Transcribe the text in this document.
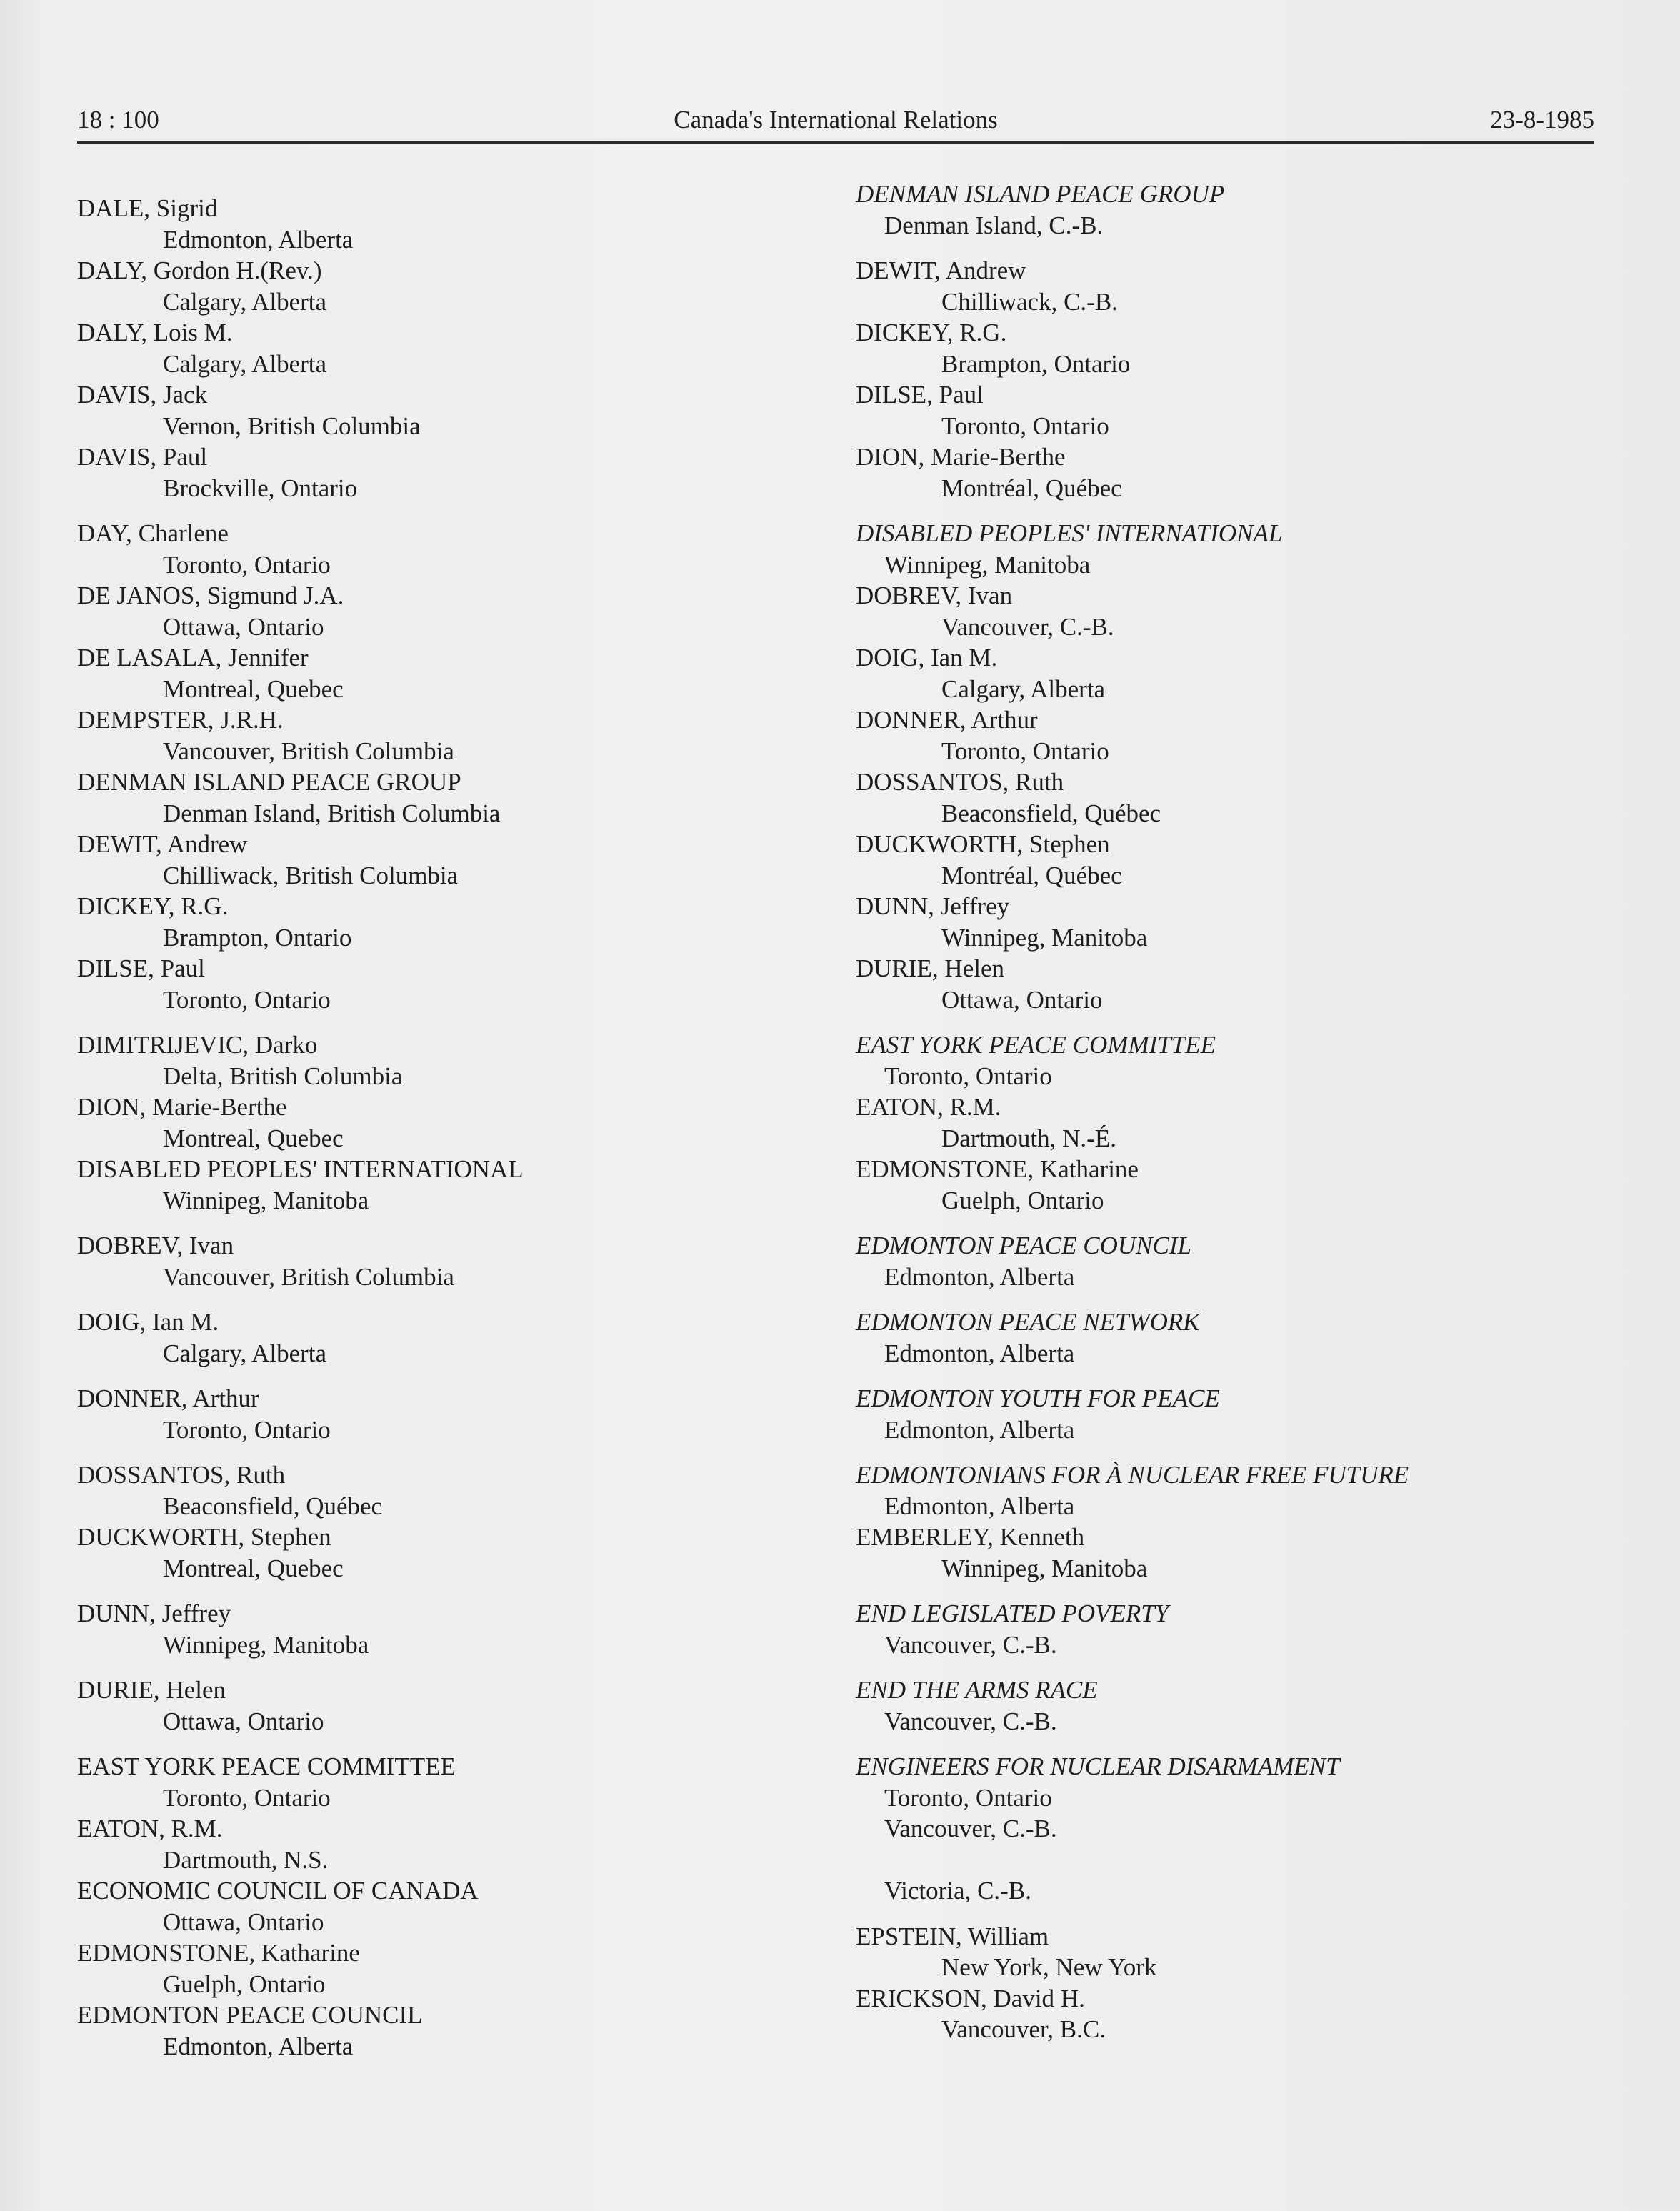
18 : 100	Canada's International Relations	23-8-1985
DALE, Sigrid
Edmonton, Alberta
DALY, Gordon H.(Rev.)
Calgary, Alberta
DALY, Lois M.
Calgary, Alberta
DAVIS, Jack
Vernon, British Columbia
DAVIS, Paul
Brockville, Ontario
DAY, Charlene
Toronto, Ontario
DE JANOS, Sigmund J.A.
Ottawa, Ontario
DE LASALA, Jennifer
Montreal, Quebec
DEMPSTER, J.R.H.
Vancouver, British Columbia
DENMAN ISLAND PEACE GROUP
Denman Island, British Columbia
DEWIT, Andrew
Chilliwack, British Columbia
DICKEY, R.G.
Brampton, Ontario
DILSE, Paul
Toronto, Ontario
DIMITRIJEVIC, Darko
Delta, British Columbia
DION, Marie-Berthe
Montreal, Quebec
DISABLED PEOPLES' INTERNATIONAL
Winnipeg, Manitoba
DOBREV, Ivan
Vancouver, British Columbia
DOIG, Ian M.
Calgary, Alberta
DONNER, Arthur
Toronto, Ontario
DOSSANTOS, Ruth
Beaconsfield, Québec
DUCKWORTH, Stephen
Montreal, Quebec
DUNN, Jeffrey
Winnipeg, Manitoba
DURIE, Helen
Ottawa, Ontario
EAST YORK PEACE COMMITTEE
Toronto, Ontario
EATON, R.M.
Dartmouth, N.S.
ECONOMIC COUNCIL OF CANADA
Ottawa, Ontario
EDMONSTONE, Katharine
Guelph, Ontario
EDMONTON PEACE COUNCIL
Edmonton, Alberta
DENMAN ISLAND PEACE GROUP
Denman Island, C.-B.
DEWIT, Andrew
Chilliwack, C.-B.
DICKEY, R.G.
Brampton, Ontario
DILSE, Paul
Toronto, Ontario
DION, Marie-Berthe
Montréal, Québec
DISABLED PEOPLES' INTERNATIONAL
Winnipeg, Manitoba
DOBREV, Ivan
Vancouver, C.-B.
DOIG, Ian M.
Calgary, Alberta
DONNER, Arthur
Toronto, Ontario
DOSSANTOS, Ruth
Beaconsfield, Québec
DUCKWORTH, Stephen
Montréal, Québec
DUNN, Jeffrey
Winnipeg, Manitoba
DURIE, Helen
Ottawa, Ontario
EAST YORK PEACE COMMITTEE
Toronto, Ontario
EATON, R.M.
Dartmouth, N.-É.
EDMONSTONE, Katharine
Guelph, Ontario
EDMONTON PEACE COUNCIL
Edmonton, Alberta
EDMONTON PEACE NETWORK
Edmonton, Alberta
EDMONTON YOUTH FOR PEACE
Edmonton, Alberta
EDMONTONIANS FOR À NUCLEAR FREE FUTURE
Edmonton, Alberta
EMBERLEY, Kenneth
Winnipeg, Manitoba
END LEGISLATED POVERTY
Vancouver, C.-B.
END THE ARMS RACE
Vancouver, C.-B.
ENGINEERS FOR NUCLEAR DISARMAMENT
Toronto, Ontario
Vancouver, C.-B.
Victoria, C.-B.
EPSTEIN, William
New York, New York
ERICKSON, David H.
Vancouver, B.C.
